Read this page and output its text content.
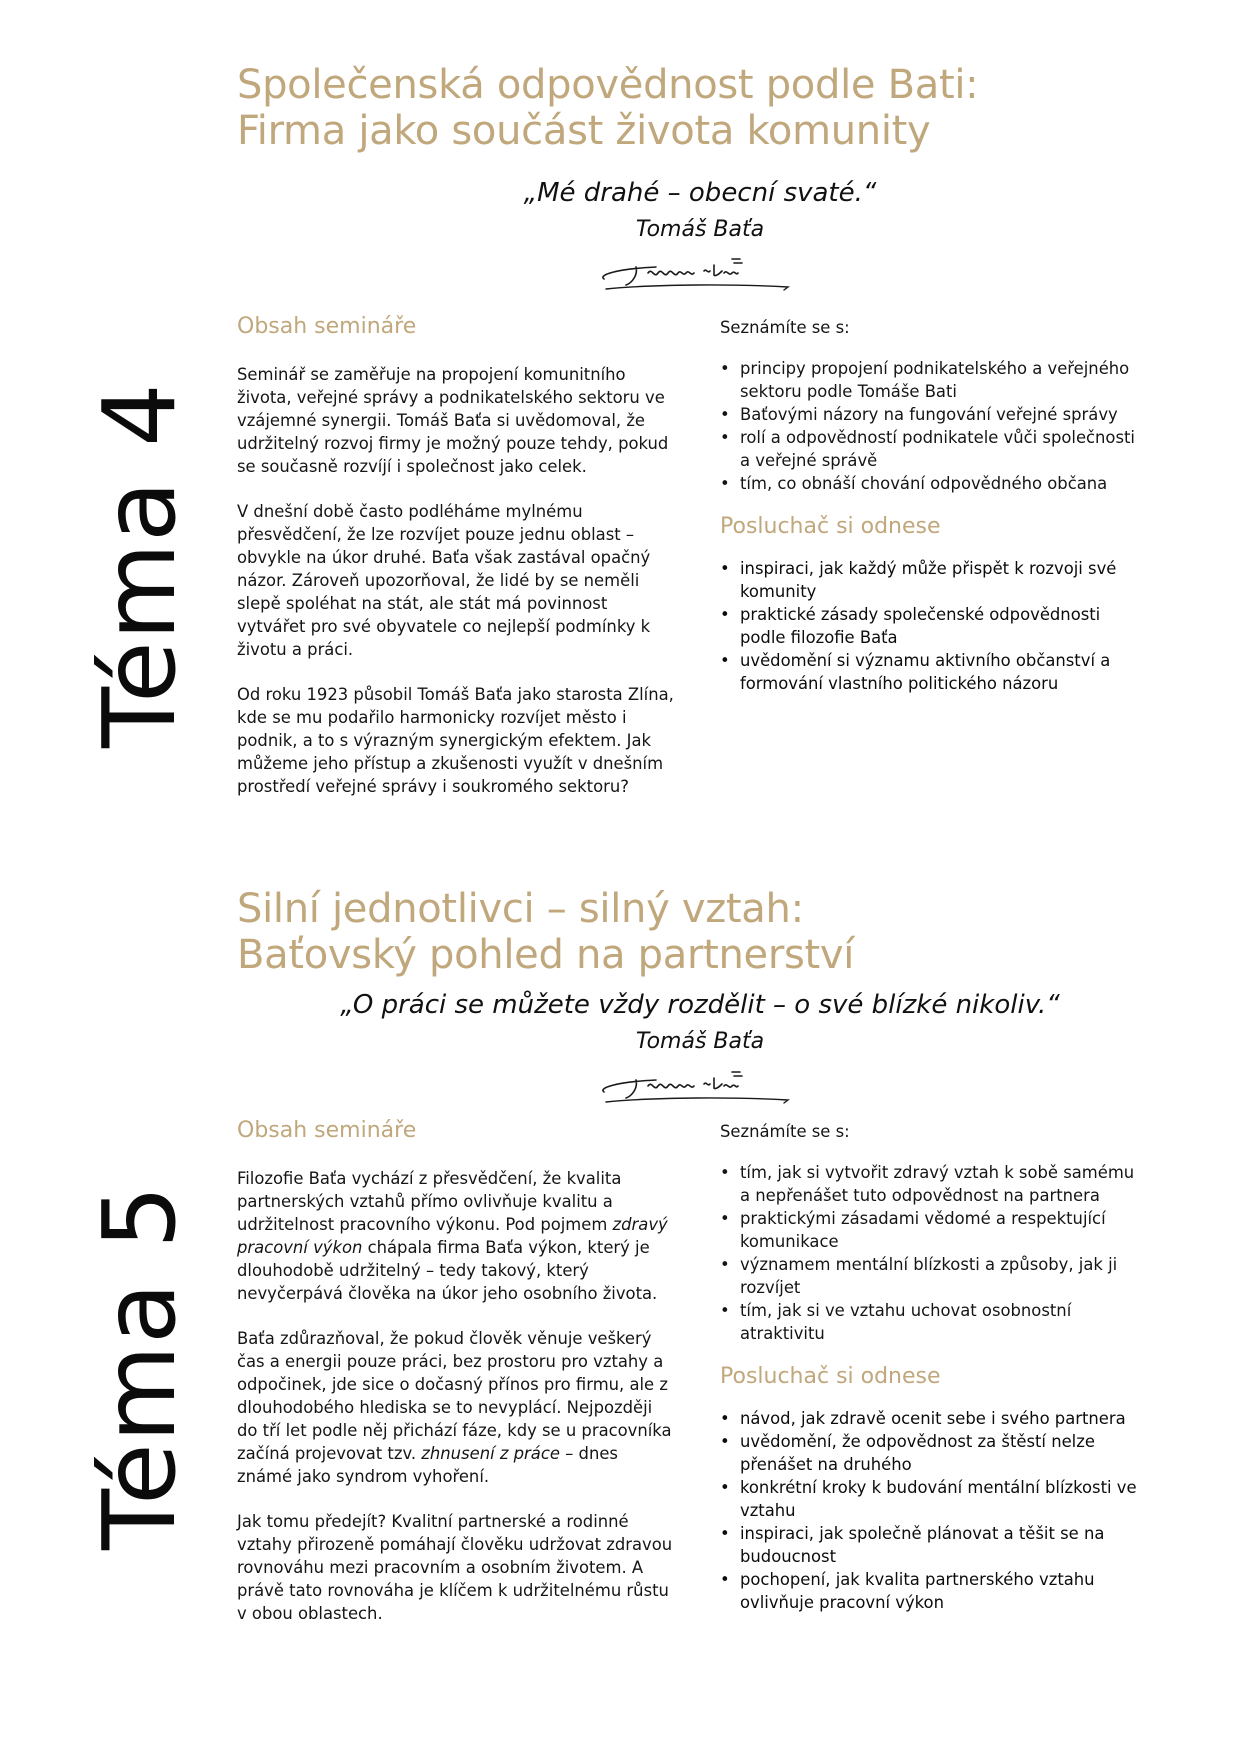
Téma 4
Společenská odpovědnost podle Bati:
Firma jako součást života komunity
„Mé drahé – obecní svaté.“
Tomáš Baťa
Obsah semináře

Seminář se zaměřuje na propojení komunitního života, veřejné správy a podnikatelského sektoru ve vzájemné synergii. Tomáš Baťa si uvědomoval, že udržitelný rozvoj firmy je možný pouze tehdy, pokud se současně rozvíjí i společnost jako celek.

V dnešní době často podléháme mylnému přesvědčení, že lze rozvíjet pouze jednu oblast – obvykle na úkor druhé. Baťa však zastával opačný názor. Zároveň upozorňoval, že lidé by se neměli slepě spoléhat na stát, ale stát má povinnost vytvářet pro své obyvatele co nejlepší podmínky k životu a práci.

Od roku 1923 působil Tomáš Baťa jako starosta Zlína, kde se mu podařilo harmonicky rozvíjet město i podnik, a to s výrazným synergickým efektem. Jak můžeme jeho přístup a zkušenosti využít v dnešním prostředí veřejné správy i soukromého sektoru?

Seznámíte se s:

• principy propojení podnikatelského a veřejného sektoru podle Tomáše Bati
• Baťovými názory na fungování veřejné správy
• rolí a odpovědností podnikatele vůči společnosti a veřejné správě
• tím, co obnáší chování odpovědného občana
Posluchač si odnese
• inspiraci, jak každý může přispět k rozvoji své komunity
• praktické zásady společenské odpovědnosti podle filozofie Baťa
• uvědomění si významu aktivního občanství a formování vlastního politického názoru
Téma 5
Silní jednotlivci – silný vztah:
Baťovský pohled na partnerství
„O práci se můžete vždy rozdělit – o své blízké nikoliv.“
Tomáš Baťa
Obsah semináře

Filozofie Baťa vychází z přesvědčení, že kvalita partnerských vztahů přímo ovlivňuje kvalitu a udržitelnost pracovního výkonu. Pod pojmem zdravý pracovní výkon chápala firma Baťa výkon, který je dlouhodobě udržitelný – tedy takový, který nevyčerpává člověka na úkor jeho osobního života.

Baťa zdůrazňoval, že pokud člověk věnuje veškerý čas a energii pouze práci, bez prostoru pro vztahy a odpočinek, jde sice o dočasný přínos pro firmu, ale z dlouhodobého hlediska se to nevyplácí. Nejpozději do tří let podle něj přichází fáze, kdy se u pracovníka začíná projevovat tzv. zhnusení z práce – dnes známé jako syndrom vyhoření.

Jak tomu předejít? Kvalitní partnerské a rodinné vztahy přirozeně pomáhají člověku udržovat zdravou rovnováhu mezi pracovním a osobním životem. A právě tato rovnováha je klíčem k udržitelnému růstu v obou oblastech.

Seznámíte se s:

• tím, jak si vytvořit zdravý vztah k sobě samému a nepřenášet tuto odpovědnost na partnera
• praktickými zásadami vědomé a respektující komunikace
• významem mentální blízkosti a způsoby, jak ji rozvíjet
• tím, jak si ve vztahu uchovat osobnostní atraktivitu
Posluchač si odnese
• návod, jak zdravě ocenit sebe i svého partnera
• uvědomění, že odpovědnost za štěstí nelze přenášet na druhého
• konkrétní kroky k budování mentální blízkosti ve vztahu
• inspiraci, jak společně plánovat a těšit se na budoucnost
• pochopení, jak kvalita partnerského vztahu ovlivňuje pracovní výkon
